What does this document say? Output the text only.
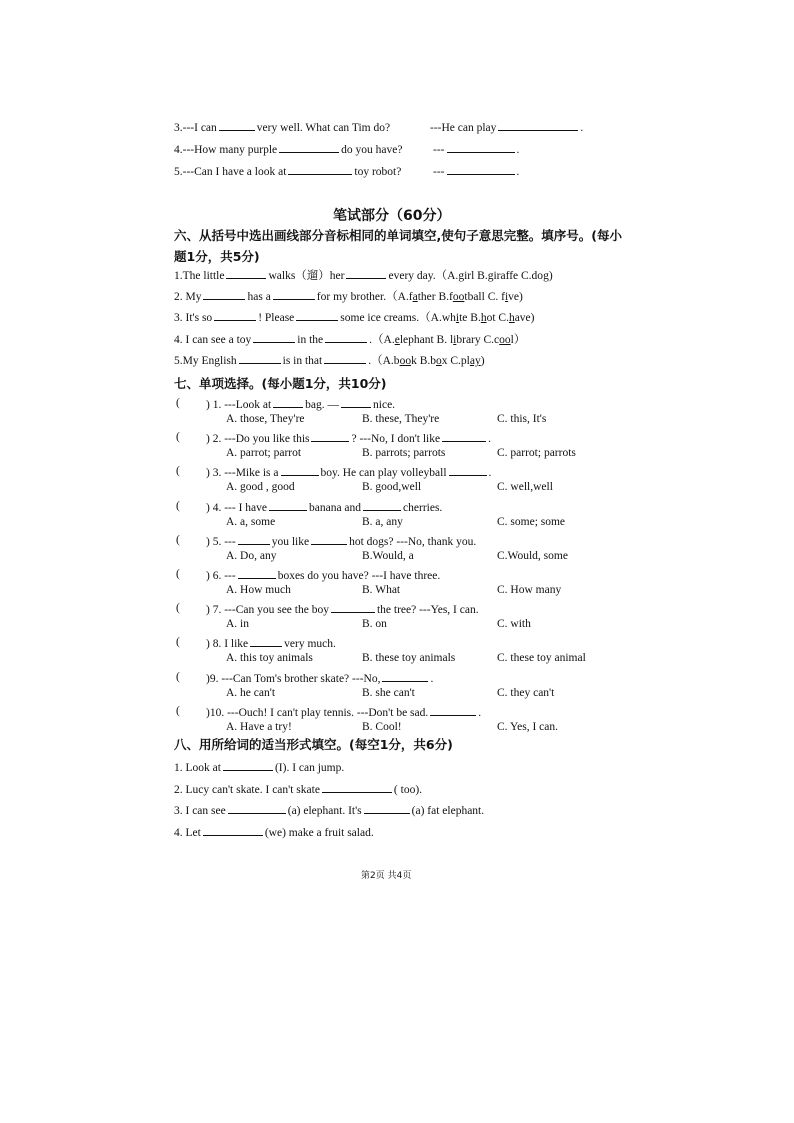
3.---I can	very well. What can Tim do?	---He can play	.
4.---How many purple	do you have?	---	.
5.---Can I have a look at	toy robot?	---	.
笔试部分（60分）
六、从括号中选出画线部分音标相同的单词填空,使句子意思完整。填序号。(每小
题1分，共5分)
1.The little	walks（遛）her	every day.（A.girl B.giraffe C.dog)
2. My	has a	for my brother.（A.father B.football C. five)
3. It's so	! Please	some ice creams.（A.white B.hot C.have)
4. I can see a toy	in the	.（A.elephant B. library C.cool）
5.My English	is in that	.（A.book B.box C.play)
七、单项选择。(每小题1分，共10分)
( ) 1. ---Look at	bag. —	nice.
A. those, They're	B. these, They're	C. this, It's
( ) 2. ---Do you like this	? ---No, I don't like	.
A. parrot; parrot	B. parrots; parrots	C. parrot; parrots
( ) 3. ---Mike is a	boy. He can play volleyball	.
A. good , good	B. good,well	C. well,well
( ) 4. --- I have	banana and	cherries.
A. a, some	B. a, any	C. some; some
( ) 5. ---	you like	hot dogs? ---No, thank you.
A. Do, any	B.Would, a	C.Would, some
( ) 6. ---	boxes do you have? ---I have three.
A. How much	B. What	C. How many
( ) 7. ---Can you see the boy	the tree? ---Yes, I can.
A. in	B. on	C. with
( ) 8. I like	very much.
A. this toy animals	B. these toy animals	C. these toy animal
( )9. ---Can Tom's brother skate? ---No,	.
A. he can't	B. she can't	C. they can't
( )10. ---Ouch! I can't play tennis. ---Don't be sad.	.
A. Have a try!	B. Cool!	C. Yes, I can.
八、用所给词的适当形式填空。(每空1分，共6分)
1. Look at	(I). I can jump.
2. Lucy can't skate. I can't skate	( too).
3. I can see	(a) elephant. It's	(a) fat elephant.
4. Let	(we) make a fruit salad.
第2页 共4页
